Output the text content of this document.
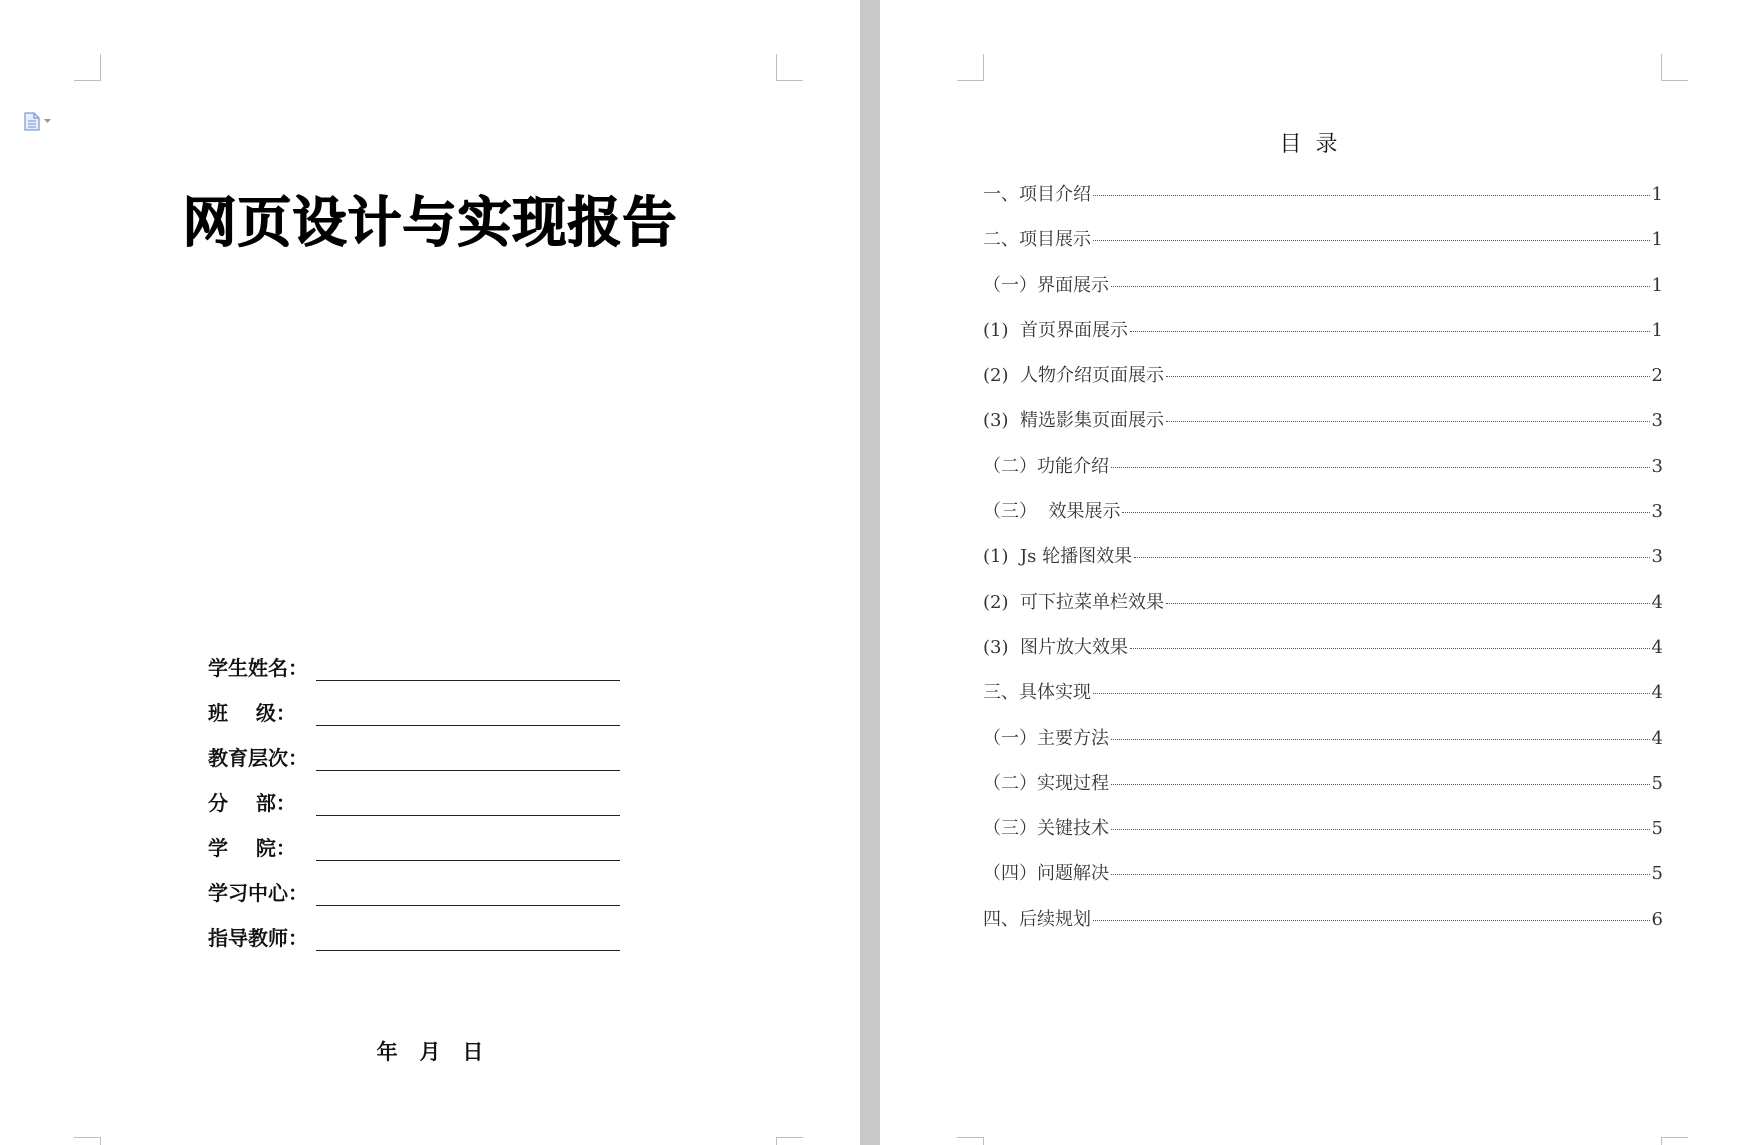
网页设计与实现报告
学生姓名：
班    级：
教育层次：
分    部：
学    院：
学习中心：
指导教师：
年   月   日
目  录
一、项目介绍	1
二、项目展示	1
（一）界面展示	1
(1)  首页界面展示	1
(2)  人物介绍页面展示	2
(3)  精选影集页面展示	3
（二）功能介绍	3
（三）  效果展示	3
(1)  Js 轮播图效果	3
(2)  可下拉菜单栏效果	4
(3)  图片放大效果	4
三、具体实现	4
（一）主要方法	4
（二）实现过程	5
（三）关键技术	5
（四）问题解决	5
四、后续规划	6
